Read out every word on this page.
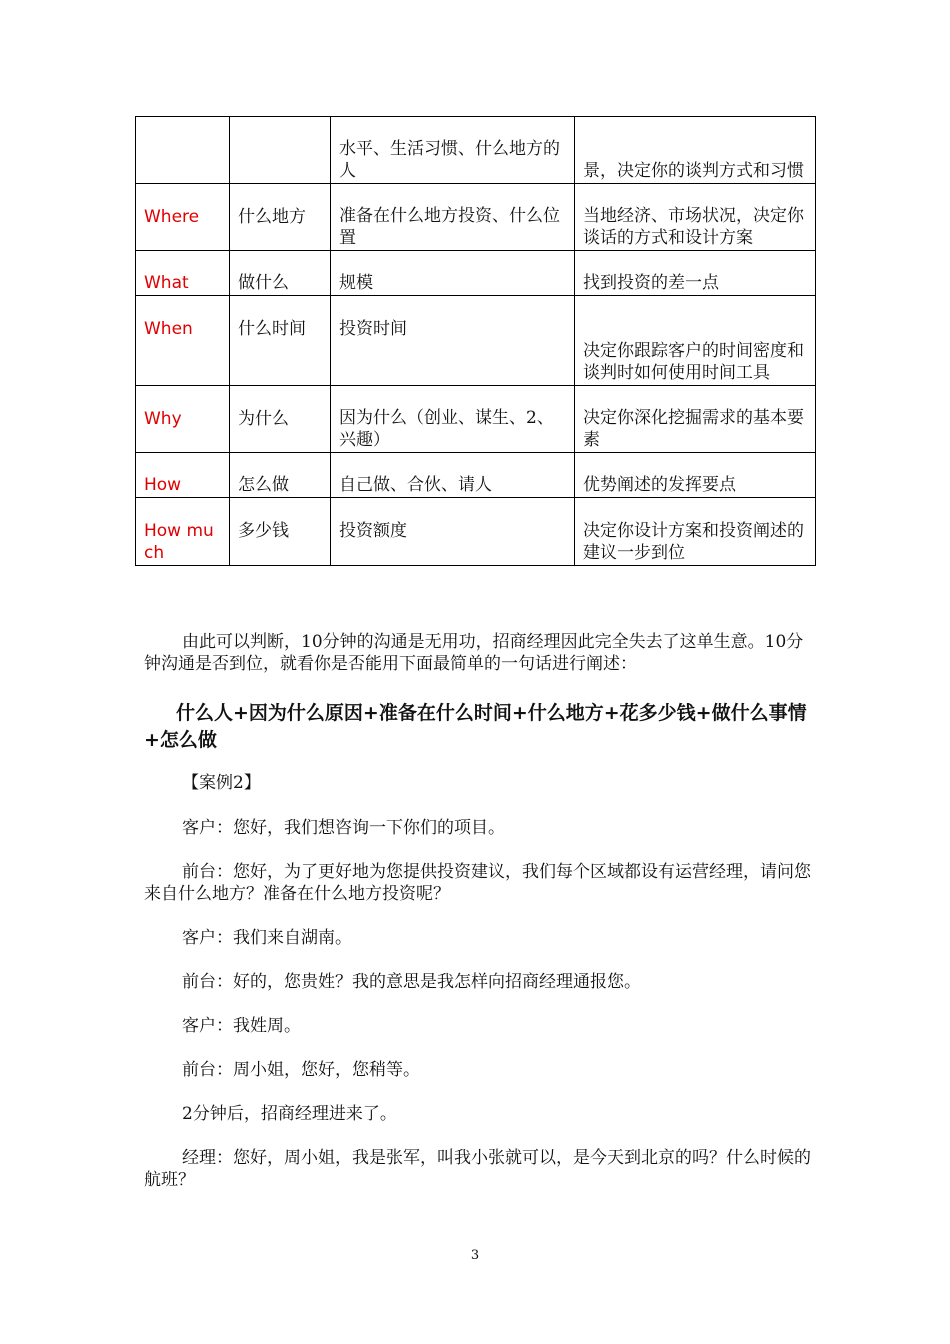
		水平、生活习惯、什么地方的人	景，决定你的谈判方式和习惯
Where	什么地方	准备在什么地方投资、什么位置	当地经济、市场状况，决定你谈话的方式和设计方案
What	做什么	规模	找到投资的差一点
When	什么时间	投资时间	决定你跟踪客户的时间密度和谈判时如何使用时间工具
Why	为什么	因为什么（创业、谋生、2、兴趣）	决定你深化挖掘需求的基本要素
How	怎么做	自己做、合伙、请人	优势阐述的发挥要点
How much	多少钱	投资额度	决定你设计方案和投资阐述的建议一步到位

由此可以判断，10分钟的沟通是无用功，招商经理因此完全失去了这单生意。10分钟沟通是否到位，就看你是否能用下面最简单的一句话进行阐述：

什么人+因为什么原因+准备在什么时间+什么地方+花多少钱+做什么事情+怎么做

【案例2】

客户：您好，我们想咨询一下你们的项目。

前台：您好，为了更好地为您提供投资建议，我们每个区域都设有运营经理，请问您来自什么地方？准备在什么地方投资呢？

客户：我们来自湖南。

前台：好的，您贵姓？我的意思是我怎样向招商经理通报您。

客户：我姓周。

前台：周小姐，您好，您稍等。

2分钟后，招商经理进来了。

经理：您好，周小姐，我是张军，叫我小张就可以，是今天到北京的吗？什么时候的航班？

3
